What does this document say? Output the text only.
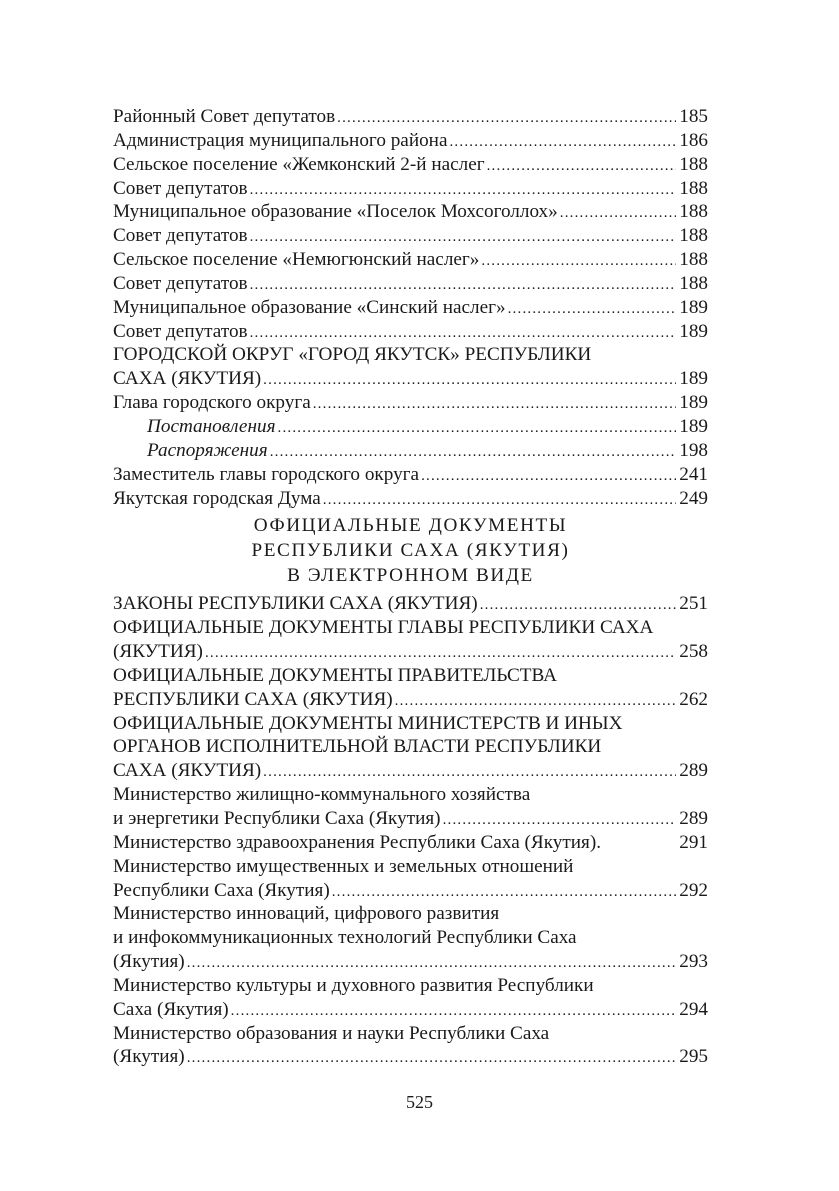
Районный Совет депутатов .....	185
Администрация муниципального района .....	186
Сельское поселение «Жемконский 2-й наслег .....	188
Совет депутатов .....	188
Муниципальное образование «Поселок Мохсоголлох» .....	188
Совет депутатов .....	188
Сельское поселение «Немюгюнский наслег» .....	188
Совет депутатов .....	188
Муниципальное образование «Синский наслег» .....	189
Совет депутатов .....	189
ГОРОДСКОЙ ОКРУГ «ГОРОД ЯКУТСК» РЕСПУБЛИКИ
САХА (ЯКУТИЯ) .....	189
Глава городского округа .....	189
Постановления .....	189
Распоряжения .....	198
Заместитель главы городского округа .....	241
Якутская городская Дума .....	249
ОФИЦИАЛЬНЫЕ ДОКУМЕНТЫ
РЕСПУБЛИКИ САХА (ЯКУТИЯ)
В ЭЛЕКТРОННОМ ВИДЕ
ЗАКОНЫ РЕСПУБЛИКИ САХА (ЯКУТИЯ) .....	251
ОФИЦИАЛЬНЫЕ ДОКУМЕНТЫ ГЛАВЫ РЕСПУБЛИКИ САХА
(ЯКУТИЯ) .....	258
ОФИЦИАЛЬНЫЕ ДОКУМЕНТЫ ПРАВИТЕЛЬСТВА
РЕСПУБЛИКИ САХА (ЯКУТИЯ) .....	262
ОФИЦИАЛЬНЫЕ ДОКУМЕНТЫ МИНИСТЕРСТВ И ИНЫХ
ОРГАНОВ ИСПОЛНИТЕЛЬНОЙ ВЛАСТИ РЕСПУБЛИКИ
САХА (ЯКУТИЯ) .....	289
Министерство жилищно-коммунального хозяйства
и энергетики Республики Саха (Якутия) .....	289
Министерство здравоохранения Республики Саха (Якутия) .	291
Министерство имущественных и земельных отношений
Республики Саха (Якутия) .....	292
Министерство инноваций, цифрового развития
и инфокоммуникационных технологий Республики Саха
(Якутия) .....	293
Министерство культуры и духовного развития Республики
Саха (Якутия) .....	294
Министерство образования и науки Республики Саха
(Якутия) .....	295
525
